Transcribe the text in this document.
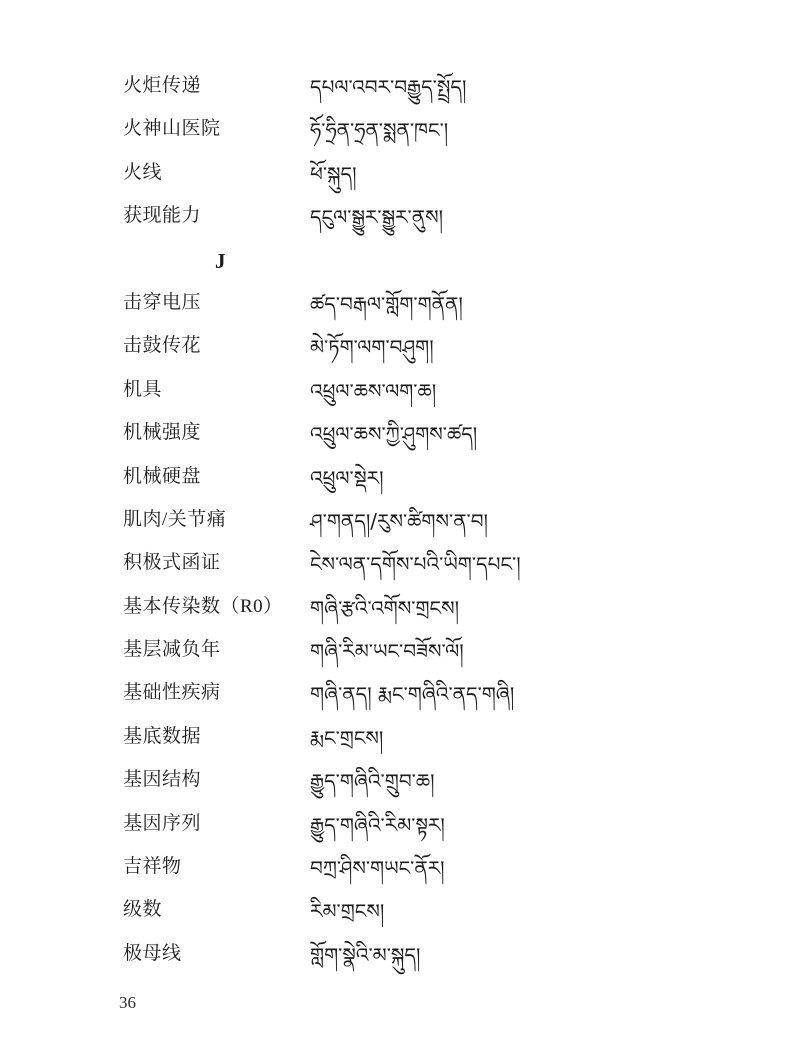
火炬传递	དཔལ་འབར་བརྒྱུད་སྤྲོད།
火神山医院	ཧོ་ཧྲིན་ཧྲན་སྨན་ཁང་།
火线	ཕོ་སྐུད།
获现能力	དངུལ་སྒྱུར་སྒྱུར་ནུས།
J
击穿电压	ཚད་བརྒལ་གློག་གནོན།
击鼓传花	མེ་ཏོག་ལག་བཤུག།
机具	འཕྲུལ་ཆས་ལག་ཆ།
机械强度	འཕྲུལ་ཆས་ཀྱི་ཤུགས་ཚད།
机械硬盘	འཕྲུལ་སྡེར།
肌肉/关节痛	ཤ་གནད།/རུས་ཚིགས་ན་བ།
积极式函证	ངེས་ལན་དགོས་པའི་ཡིག་དཔང་།
基本传染数（R0）	གཞི་རྩའི་འགོས་གྲངས།
基层减负年	གཞི་རིམ་ཡང་བཟོས་ལོ།
基础性疾病	གཞི་ནད། རྨང་གཞིའི་ནད་གཞི།
基底数据	རྨང་གྲངས།
基因结构	རྒྱུད་གཞིའི་གྲུབ་ཆ།
基因序列	རྒྱུད་གཞིའི་རིམ་སྟར།
吉祥物	བཀྲ་ཤིས་གཡང་ནོར།
级数	རིམ་གྲངས།
极母线	གློག་སྣེའི་མ་སྐུད།
36
